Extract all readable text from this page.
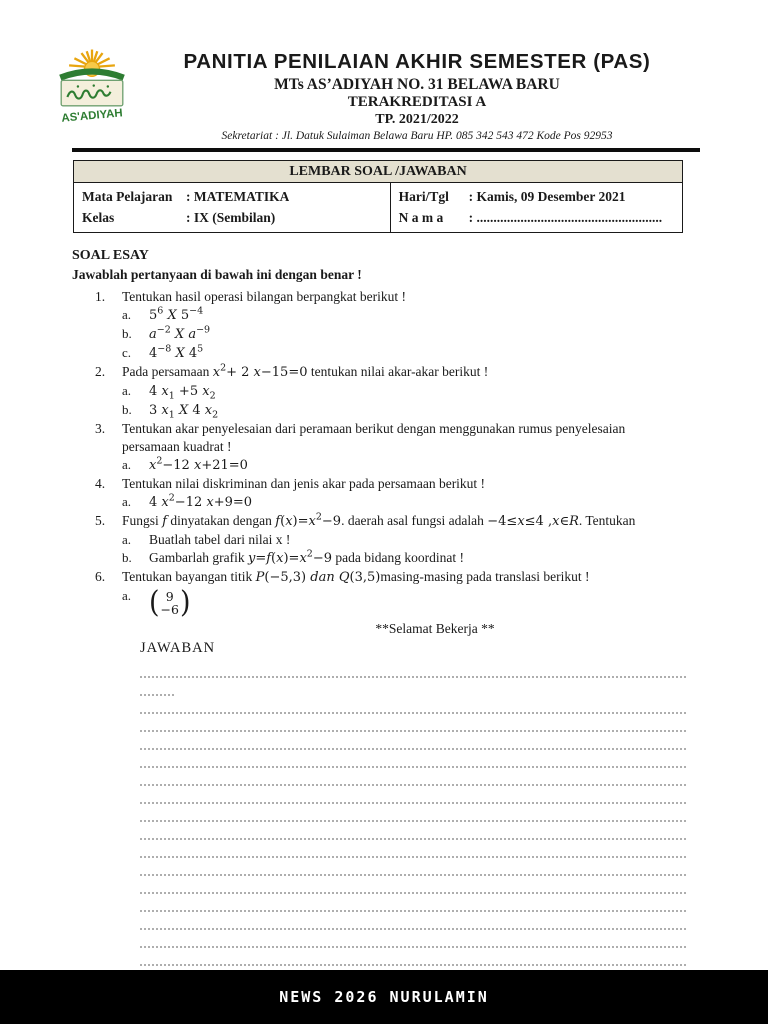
AS'ADIYAH
PANITIA PENILAIAN AKHIR SEMESTER (PAS)
MTs AS’ADIYAH NO. 31 BELAWA BARU
TERAKREDITASI A
TP. 2021/2022
Sekretariat : Jl. Datuk Sulaiman Belawa Baru HP. 085 342 543 472 Kode Pos 92953
LEMBAR SOAL /JAWABAN

Mata Pelajaran	: MATEMATIKA
Kelas	: IX (Sembilan)

Hari/Tgl	: Kamis, 09 Desember 2021
N a m a	: .......................................................
SOAL ESAY
Jawablah pertanyaan di bawah ini dengan benar !
1.	Tentukan hasil operasi bilangan berpangkat berikut !
a.	$5^6$ X $5^{-4}$
b.	$a^{-2}$ X $a^{-9}$
c.	$4^{-8}$ X $4^5$
2.	Pada persamaan $x^2+ 2$ x−15=0 tentukan nilai akar-akar berikut !
a.	4 $x_1 +5$ $x_2$
b.	3 $x_1$ X 4 $x_2$
3.	Tentukan akar penyelesaian dari peramaan berikut dengan menggunakan rumus penyelesaian persamaan kuadrat !
a.	$x^2-12$ x+21=0
4.	Tentukan nilai diskriminan dan jenis akar pada persamaan berikut !
a.	4 $x^2-12$ x+9=0
5.	Fungsi f dinyatakan dengan $f(x)=x^2-9$. daerah asal fungsi adalah −4≤x≤4 ,x∈R. Tentukan
a.	Buatlah tabel dari nilai x !
b.	Gambarlah grafik $y=f(x)=x^2-9$ pada bidang koordinat !
6.	Tentukan bayangan titik P(−5,3) dan Q(3,5)masing-masing pada translasi berikut !
a. ( 9
−6 )
**Selamat Bekerja **
JAWABAN
NEWS 2026 NURULAMIN
